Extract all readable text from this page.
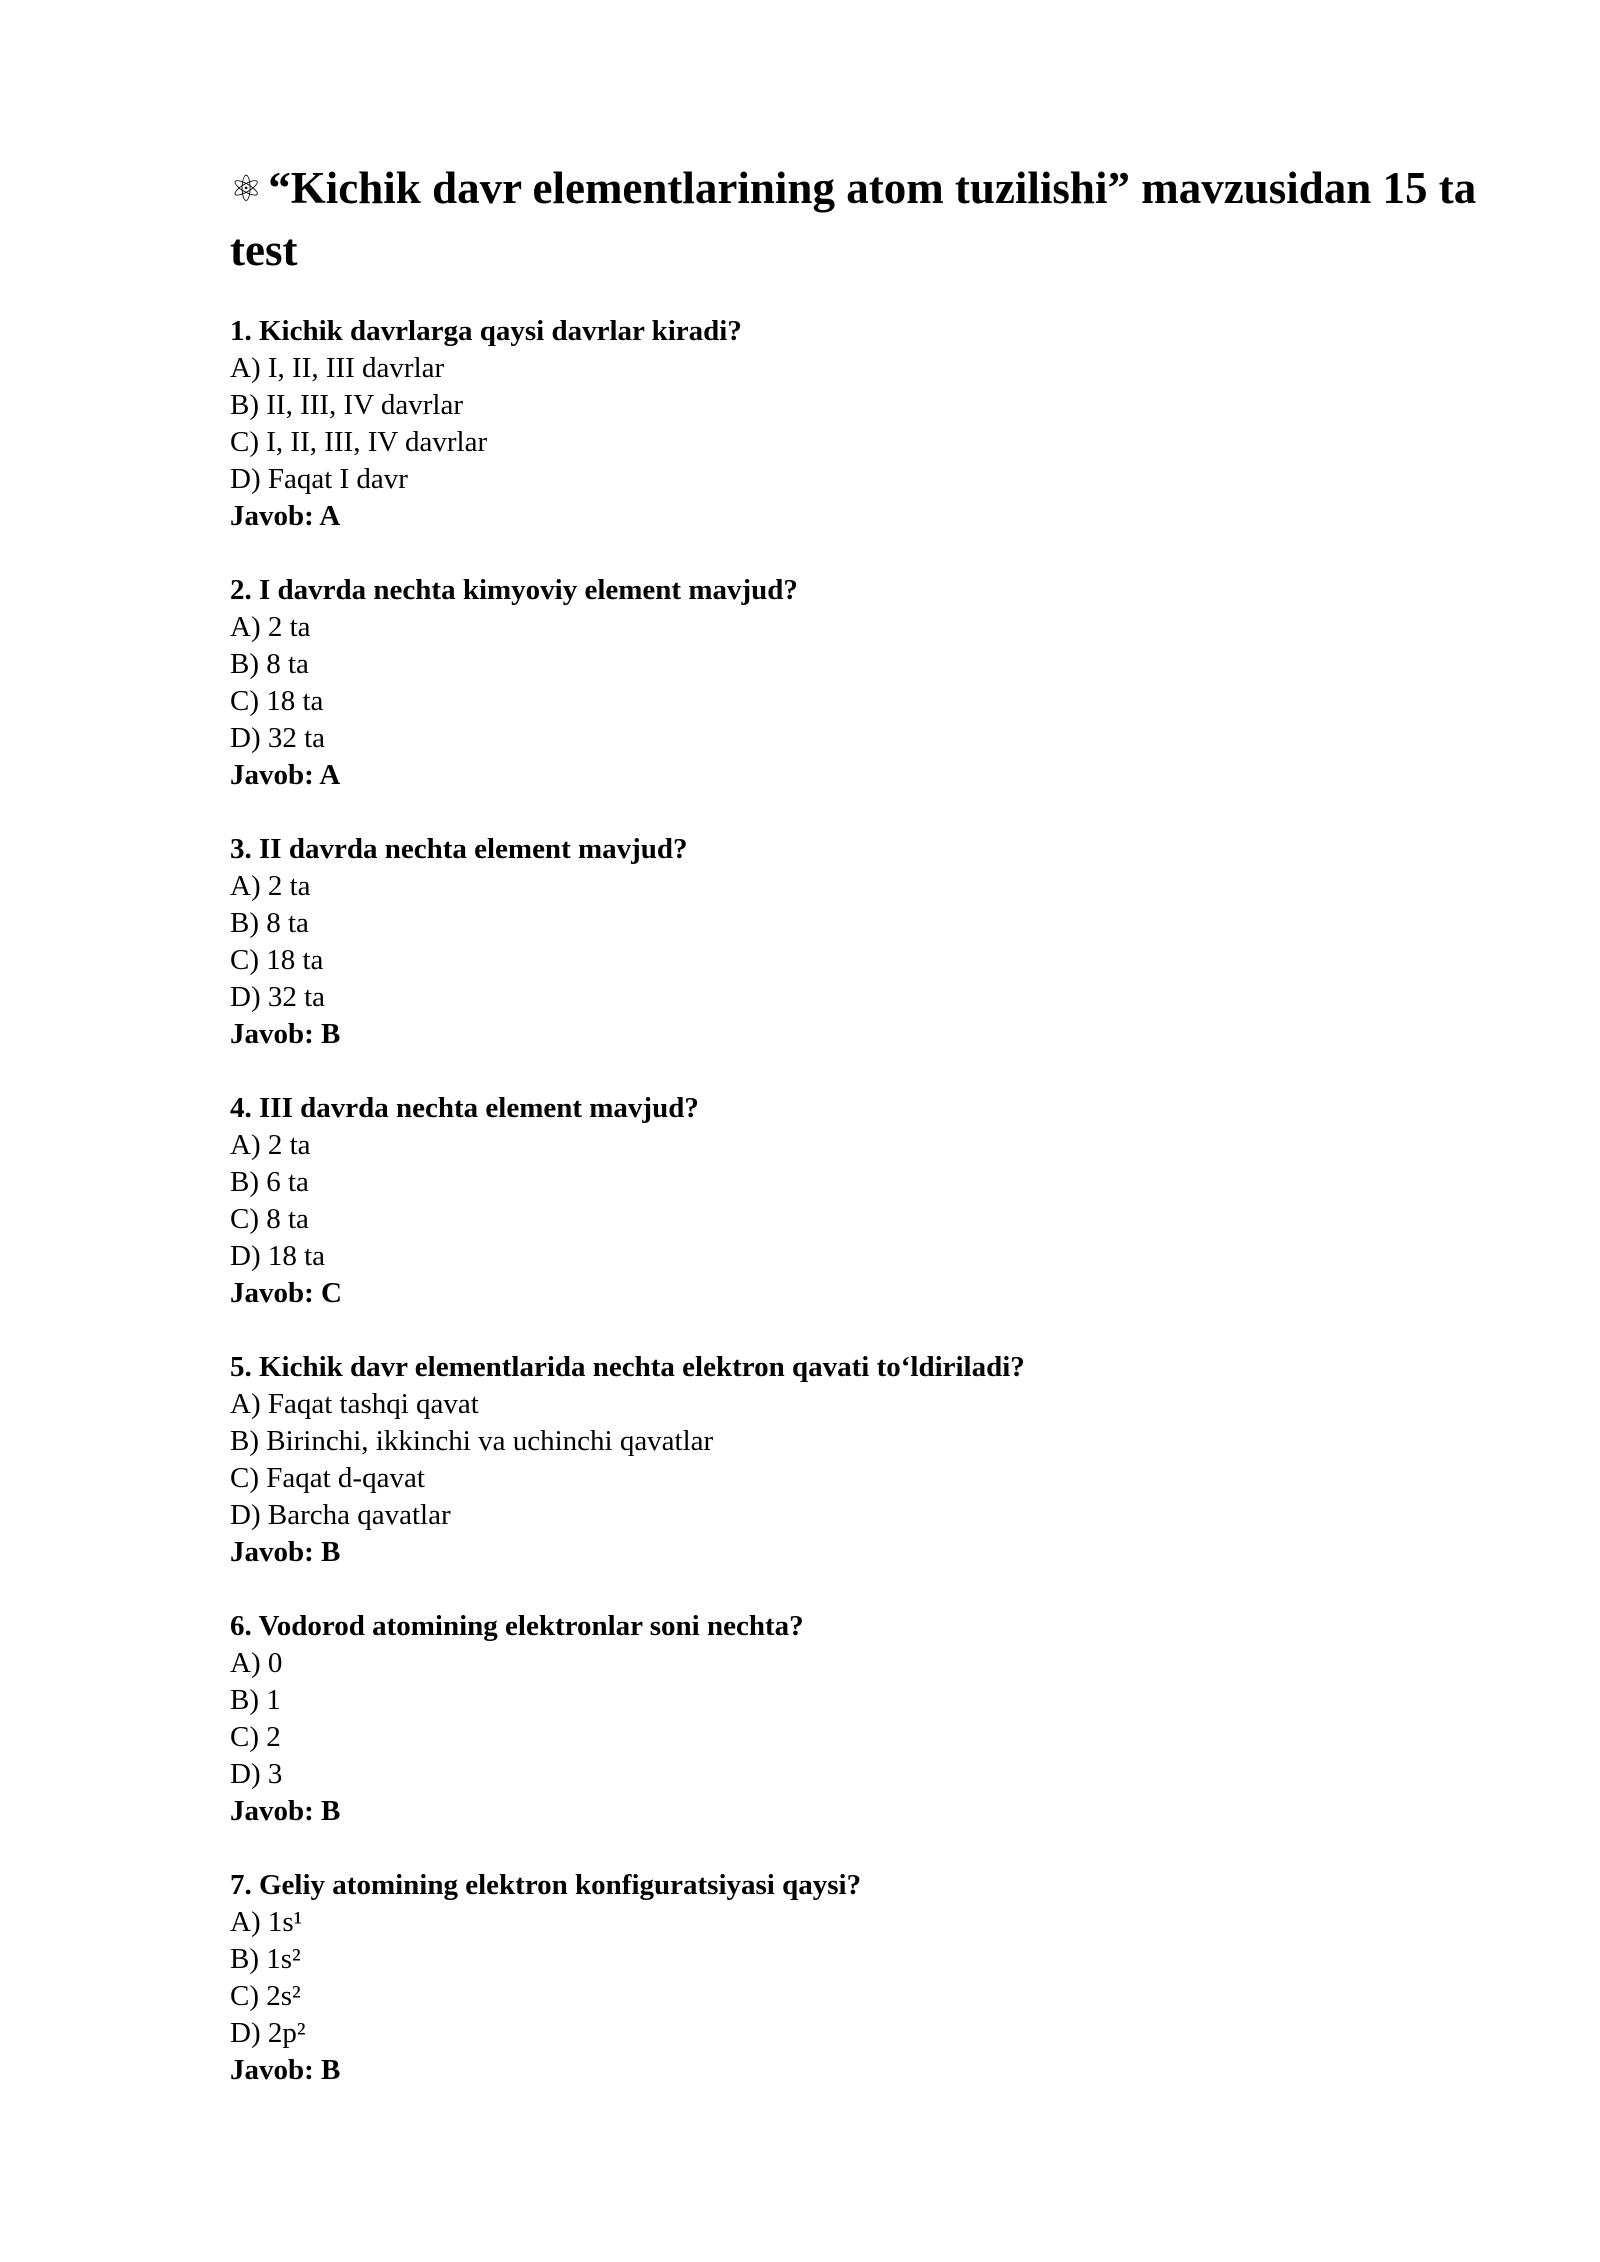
⚛ “Kichik davr elementlarining atom tuzilishi” mavzusidan 15 ta test
1. Kichik davrlarga qaysi davrlar kiradi?
A) I, II, III davrlar
B) II, III, IV davrlar
C) I, II, III, IV davrlar
D) Faqat I davr
Javob: A
2. I davrda nechta kimyoviy element mavjud?
A) 2 ta
B) 8 ta
C) 18 ta
D) 32 ta
Javob: A
3. II davrda nechta element mavjud?
A) 2 ta
B) 8 ta
C) 18 ta
D) 32 ta
Javob: B
4. III davrda nechta element mavjud?
A) 2 ta
B) 6 ta
C) 8 ta
D) 18 ta
Javob: C
5. Kichik davr elementlarida nechta elektron qavati to‘ldiriladi?
A) Faqat tashqi qavat
B) Birinchi, ikkinchi va uchinchi qavatlar
C) Faqat d-qavat
D) Barcha qavatlar
Javob: B
6. Vodorod atomining elektronlar soni nechta?
A) 0
B) 1
C) 2
D) 3
Javob: B
7. Geliy atomining elektron konfiguratsiyasi qaysi?
A) 1s¹
B) 1s²
C) 2s²
D) 2p²
Javob: B
